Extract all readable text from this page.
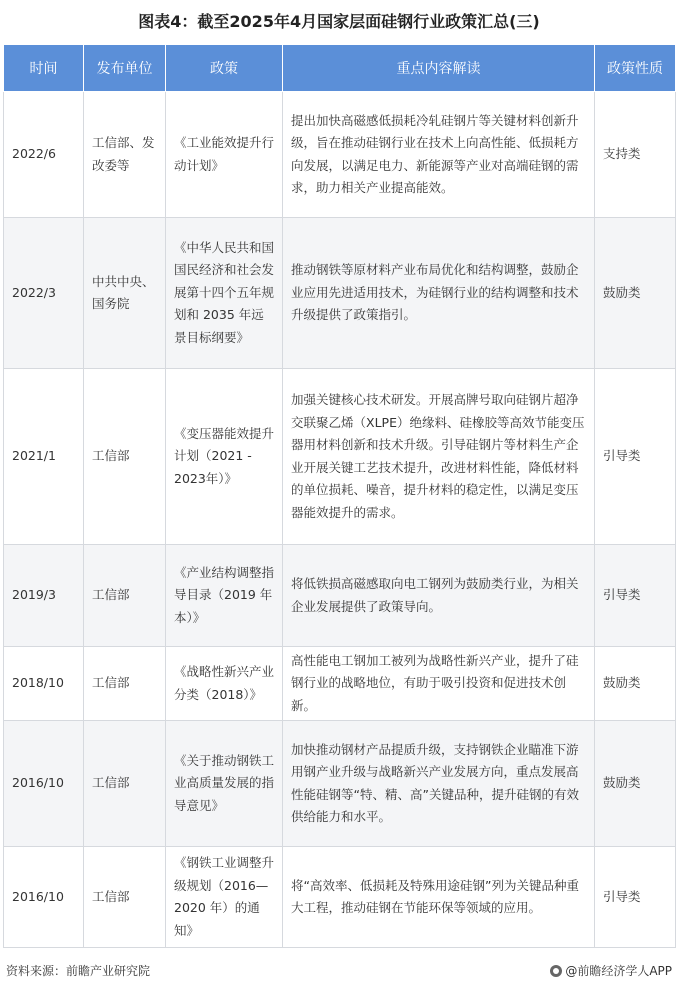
图表4：截至2025年4月国家层面硅钢行业政策汇总(三)
时间	发布单位	政策	重点内容解读	政策性质
2022/6	工信部、发改委等	《工业能效提升行动计划》	提出加快高磁感低损耗冷轧硅钢片等关键材料创新升级，旨在推动硅钢行业在技术上向高性能、低损耗方向发展，以满足电力、新能源等产业对高端硅钢的需求，助力相关产业提高能效。	支持类
2022/3	中共中央、国务院	《中华人民共和国国民经济和社会发展第十四个五年规划和 2035 年远景目标纲要》	推动钢铁等原材料产业布局优化和结构调整，鼓励企业应用先进适用技术，为硅钢行业的结构调整和技术升级提供了政策指引。	鼓励类
2021/1	工信部	《变压器能效提升计划（2021 - 2023年）》	加强关键核心技术研发。开展高牌号取向硅钢片超净交联聚乙烯（XLPE）绝缘料、硅橡胶等高效节能变压器用材料创新和技术升级。引导硅钢片等材料生产企业开展关键工艺技术提升，改进材料性能，降低材料的单位损耗、噪音，提升材料的稳定性，以满足变压器能效提升的需求。	引导类
2019/3	工信部	《产业结构调整指导目录（2019 年本）》	将低铁损高磁感取向电工钢列为鼓励类行业，为相关企业发展提供了政策导向。	引导类
2018/10	工信部	《战略性新兴产业分类（2018）》	高性能电工钢加工被列为战略性新兴产业，提升了硅钢行业的战略地位，有助于吸引投资和促进技术创新。	鼓励类
2016/10	工信部	《关于推动钢铁工业高质量发展的指导意见》	加快推动钢材产品提质升级，支持钢铁企业瞄准下游用钢产业升级与战略新兴产业发展方向，重点发展高性能硅钢等“特、精、高”关键品种，提升硅钢的有效供给能力和水平。	鼓励类
2016/10	工信部	《钢铁工业调整升级规划（2016—2020 年）的通知》	将“高效率、低损耗及特殊用途硅钢”列为关键品种重大工程，推动硅钢在节能环保等领域的应用。	引导类
资料来源：前瞻产业研究院	@前瞻经济学人APP
